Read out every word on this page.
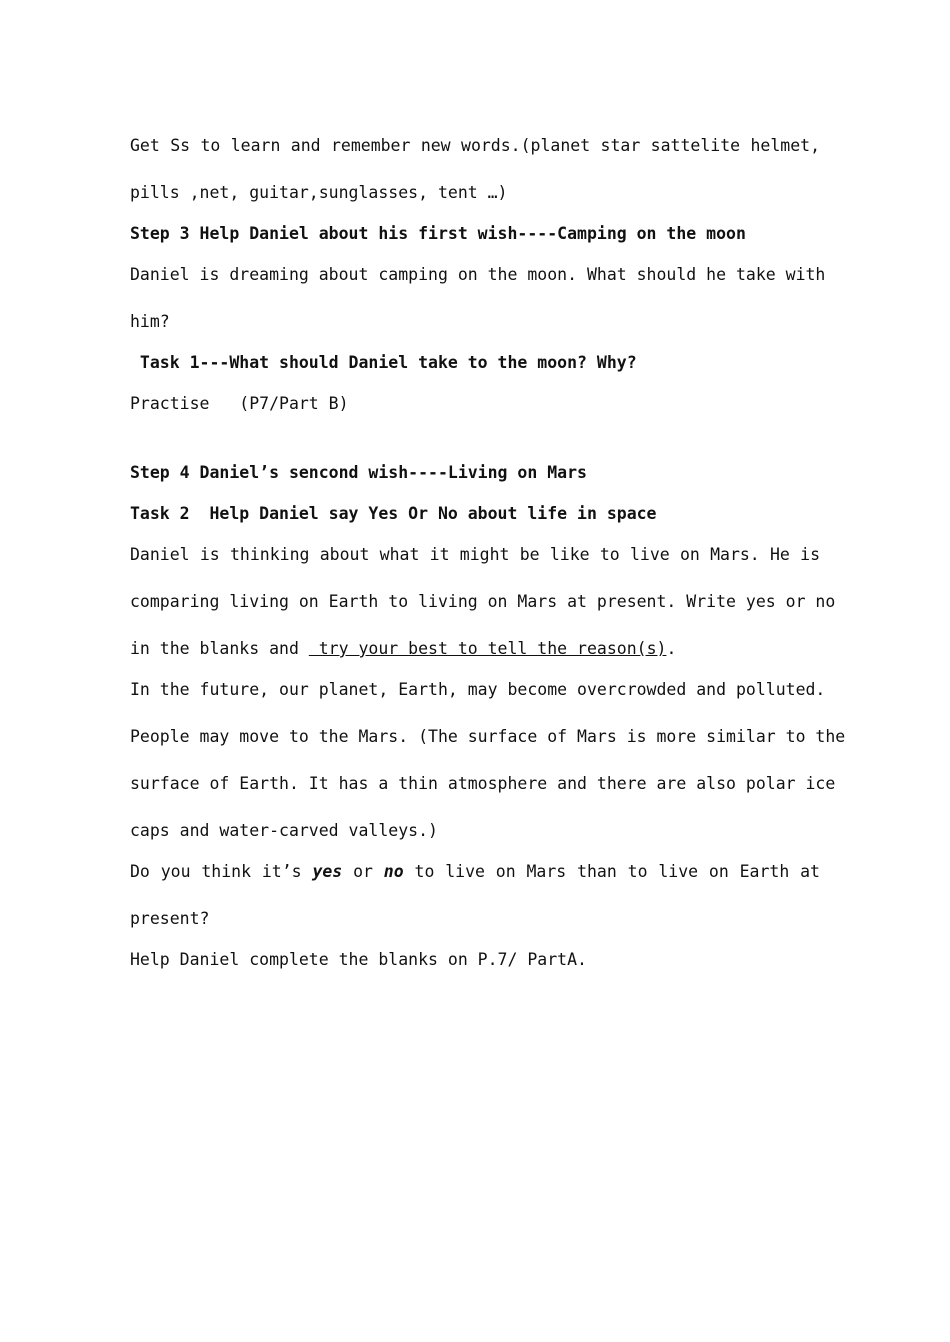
Get Ss to learn and remember new words.(planet star sattelite helmet,
pills ,net, guitar,sunglasses, tent …)
Step 3 Help Daniel about his first wish----Camping on the moon
Daniel is dreaming about camping on the moon. What should he take with
him?
Task 1---What should Daniel take to the moon? Why?
Practise   (P7/Part B)
Step 4 Daniel’s sencond wish----Living on Mars
Task 2  Help Daniel say Yes Or No about life in space
Daniel is thinking about what it might be like to live on Mars. He is
comparing living on Earth to living on Mars at present. Write yes or no
in the blanks and  try your best to tell the reason(s).
In the future, our planet, Earth, may become overcrowded and polluted.
People may move to the Mars. (The surface of Mars is more similar to the
surface of Earth. It has a thin atmosphere and there are also polar ice
caps and water-carved valleys.)
Do you think it’s yes or no to live on Mars than to live on Earth at
present?
Help Daniel complete the blanks on P.7/ PartA.
